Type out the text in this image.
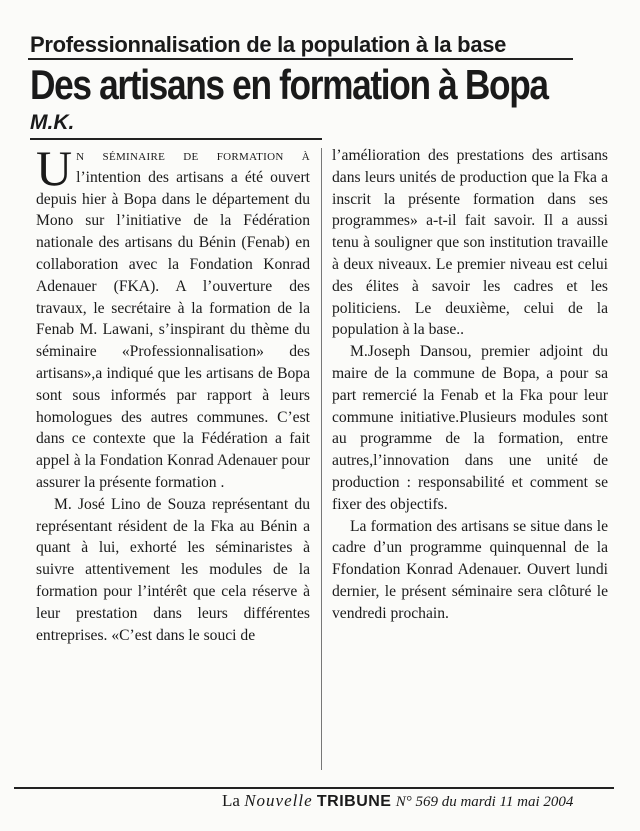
Professionnalisation de la population à la base
Des artisans en formation à Bopa
M.K.

Un séminaire de formation à l’intention des artisans a été ouvert depuis hier à Bopa dans le département du Mono sur l’initiative de la Fédération nationale des artisans du Bénin (Fenab) en collaboration avec la Fondation Konrad Adenauer (FKA). A l’ouverture des travaux, le secrétaire à la formation de la Fenab M. Lawani, s’inspirant du thème du séminaire «Professionnalisation» des artisans»,a indiqué que les artisans de Bopa sont sous informés par rapport à leurs homologues des autres communes. C’est dans ce contexte que la Fédération a fait appel à la Fondation Konrad Adenauer pour assurer la présente formation .

M. José Lino de Souza représentant du représentant résident de la Fka au Bénin a quant à lui, exhorté les séminaristes à suivre attentivement les modules de la formation pour l’intérêt que cela réserve à leur prestation dans leurs différentes entreprises. «C’est dans le souci de

l’amélioration des prestations des artisans dans leurs unités de production que la Fka a inscrit la présente formation dans ses programmes» a-t-il fait savoir. Il a aussi tenu à souligner que son institution travaille à deux niveaux. Le premier niveau est celui des élites à savoir les cadres et les politiciens. Le deuxième, celui de la population à la base..

M.Joseph Dansou, premier adjoint du maire de la commune de Bopa, a pour sa part remercié la Fenab et la Fka pour leur commune initiative.Plusieurs modules sont au programme de la formation, entre autres,l’innovation dans une unité de production : responsabilité et comment se fixer des objectifs.

La formation des artisans se situe dans le cadre d’un programme quinquennal de la Ffondation Konrad Adenauer. Ouvert lundi dernier, le présent séminaire sera clôturé le vendredi prochain.

La Nouvelle TRIBUNE N° 569 du mardi 11 mai 2004
